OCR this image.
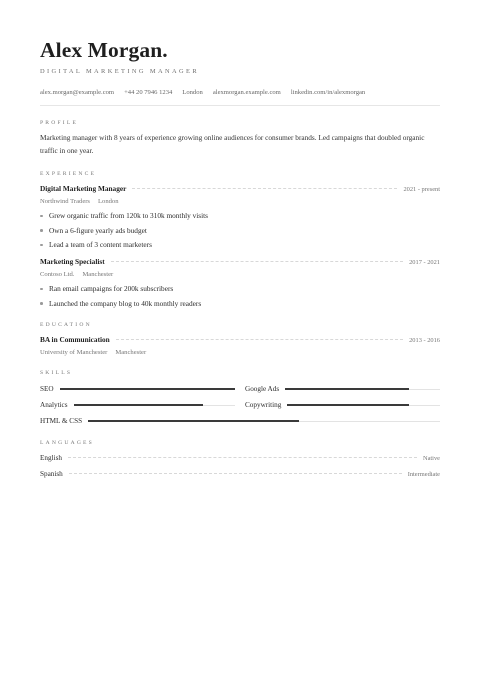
Alex Morgan.
DIGITAL MARKETING MANAGER
alex.morgan@example.com +44 20 7946 1234 London alexmorgan.example.com linkedin.com/in/alexmorgan
PROFILE
Marketing manager with 8 years of experience growing online audiences for consumer brands. Led campaigns that doubled organic traffic in one year.
EXPERIENCE
Digital Marketing Manager	2021 - present
Northwind Traders London
Grew organic traffic from 120k to 310k monthly visits
Own a 6-figure yearly ads budget
Lead a team of 3 content marketers
Marketing Specialist	2017 - 2021
Contoso Ltd. Manchester
Ran email campaigns for 200k subscribers
Launched the company blog to 40k monthly readers
EDUCATION
BA in Communication	2013 - 2016
University of Manchester Manchester
SKILLS
SEO	Google Ads
Analytics	Copywriting
HTML & CSS
LANGUAGES
English	Native
Spanish	Intermediate
